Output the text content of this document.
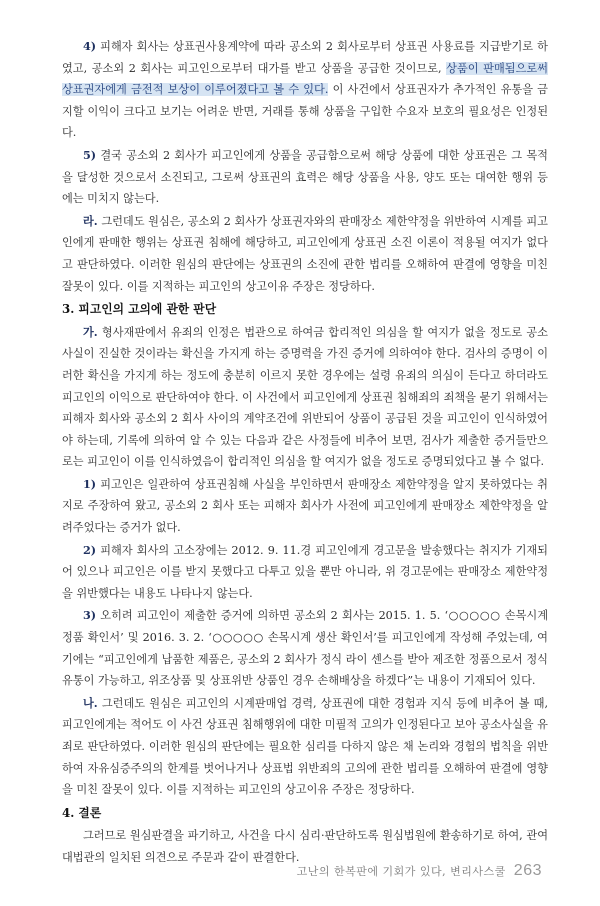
4) 피해자 회사는 상표권사용계약에 따라 공소외 2 회사로부터 상표권 사용료를 지급받기로 하였고, 공소외 2 회사는 피고인으로부터 대가를 받고 상품을 공급한 것이므로, 상품이 판매됨으로써 상표권자에게 금전적 보상이 이루어졌다고 볼 수 있다. 이 사건에서 상표권자가 추가적인 유통을 금지할 이익이 크다고 보기는 어려운 반면, 거래를 통해 상품을 구입한 수요자 보호의 필요성은 인정된다.

5) 결국 공소외 2 회사가 피고인에게 상품을 공급함으로써 해당 상품에 대한 상표권은 그 목적을 달성한 것으로서 소진되고, 그로써 상표권의 효력은 해당 상품을 사용, 양도 또는 대여한 행위 등에는 미치지 않는다.

라. 그런데도 원심은, 공소외 2 회사가 상표권자와의 판매장소 제한약정을 위반하여 시계를 피고인에게 판매한 행위는 상표권 침해에 해당하고, 피고인에게 상표권 소진 이론이 적용될 여지가 없다고 판단하였다. 이러한 원심의 판단에는 상표권의 소진에 관한 법리를 오해하여 판결에 영향을 미친 잘못이 있다. 이를 지적하는 피고인의 상고이유 주장은 정당하다.

3. 피고인의 고의에 관한 판단

가. 형사재판에서 유죄의 인정은 법관으로 하여금 합리적인 의심을 할 여지가 없을 정도로 공소사실이 진실한 것이라는 확신을 가지게 하는 증명력을 가진 증거에 의하여야 한다. 검사의 증명이 이러한 확신을 가지게 하는 정도에 충분히 이르지 못한 경우에는 설령 유죄의 의심이 든다고 하더라도 피고인의 이익으로 판단하여야 한다. 이 사건에서 피고인에게 상표권 침해죄의 죄책을 묻기 위해서는 피해자 회사와 공소외 2 회사 사이의 계약조건에 위반되어 상품이 공급된 것을 피고인이 인식하였어야 하는데, 기록에 의하여 알 수 있는 다음과 같은 사정들에 비추어 보면, 검사가 제출한 증거들만으로는 피고인이 이를 인식하였음이 합리적인 의심을 할 여지가 없을 정도로 증명되었다고 볼 수 없다.

1) 피고인은 일관하여 상표권침해 사실을 부인하면서 판매장소 제한약정을 알지 못하였다는 취지로 주장하여 왔고, 공소외 2 회사 또는 피해자 회사가 사전에 피고인에게 판매장소 제한약정을 알려주었다는 증거가 없다.

2) 피해자 회사의 고소장에는 2012. 9. 11.경 피고인에게 경고문을 발송했다는 취지가 기재되어 있으나 피고인은 이를 받지 못했다고 다투고 있을 뿐만 아니라, 위 경고문에는 판매장소 제한약정을 위반했다는 내용도 나타나지 않는다.

3) 오히려 피고인이 제출한 증거에 의하면 공소외 2 회사는 2015. 1. 5. ‘○○○○○ 손목시계 정품 확인서’ 및 2016. 3. 2. ‘○○○○○ 손목시계 생산 확인서’를 피고인에게 작성해 주었는데, 여기에는 “피고인에게 납품한 제품은, 공소외 2 회사가 정식 라이 센스를 받아 제조한 정품으로서 정식유통이 가능하고, 위조상품 및 상표위반 상품인 경우 손해배상을 하겠다”는 내용이 기재되어 있다.

나. 그런데도 원심은 피고인의 시계판매업 경력, 상표권에 대한 경험과 지식 등에 비추어 볼 때, 피고인에게는 적어도 이 사건 상표권 침해행위에 대한 미필적 고의가 인정된다고 보아 공소사실을 유죄로 판단하였다. 이러한 원심의 판단에는 필요한 심리를 다하지 않은 채 논리와 경험의 법칙을 위반하여 자유심증주의의 한계를 벗어나거나 상표법 위반죄의 고의에 관한 법리를 오해하여 판결에 영향을 미친 잘못이 있다. 이를 지적하는 피고인의 상고이유 주장은 정당하다.

4. 결론

그러므로 원심판결을 파기하고, 사건을 다시 심리·판단하도록 원심법원에 환송하기로 하여, 관여 대법관의 일치된 의견으로 주문과 같이 판결한다.

고난의 한복판에 기회가 있다, 변리사스쿨 263
